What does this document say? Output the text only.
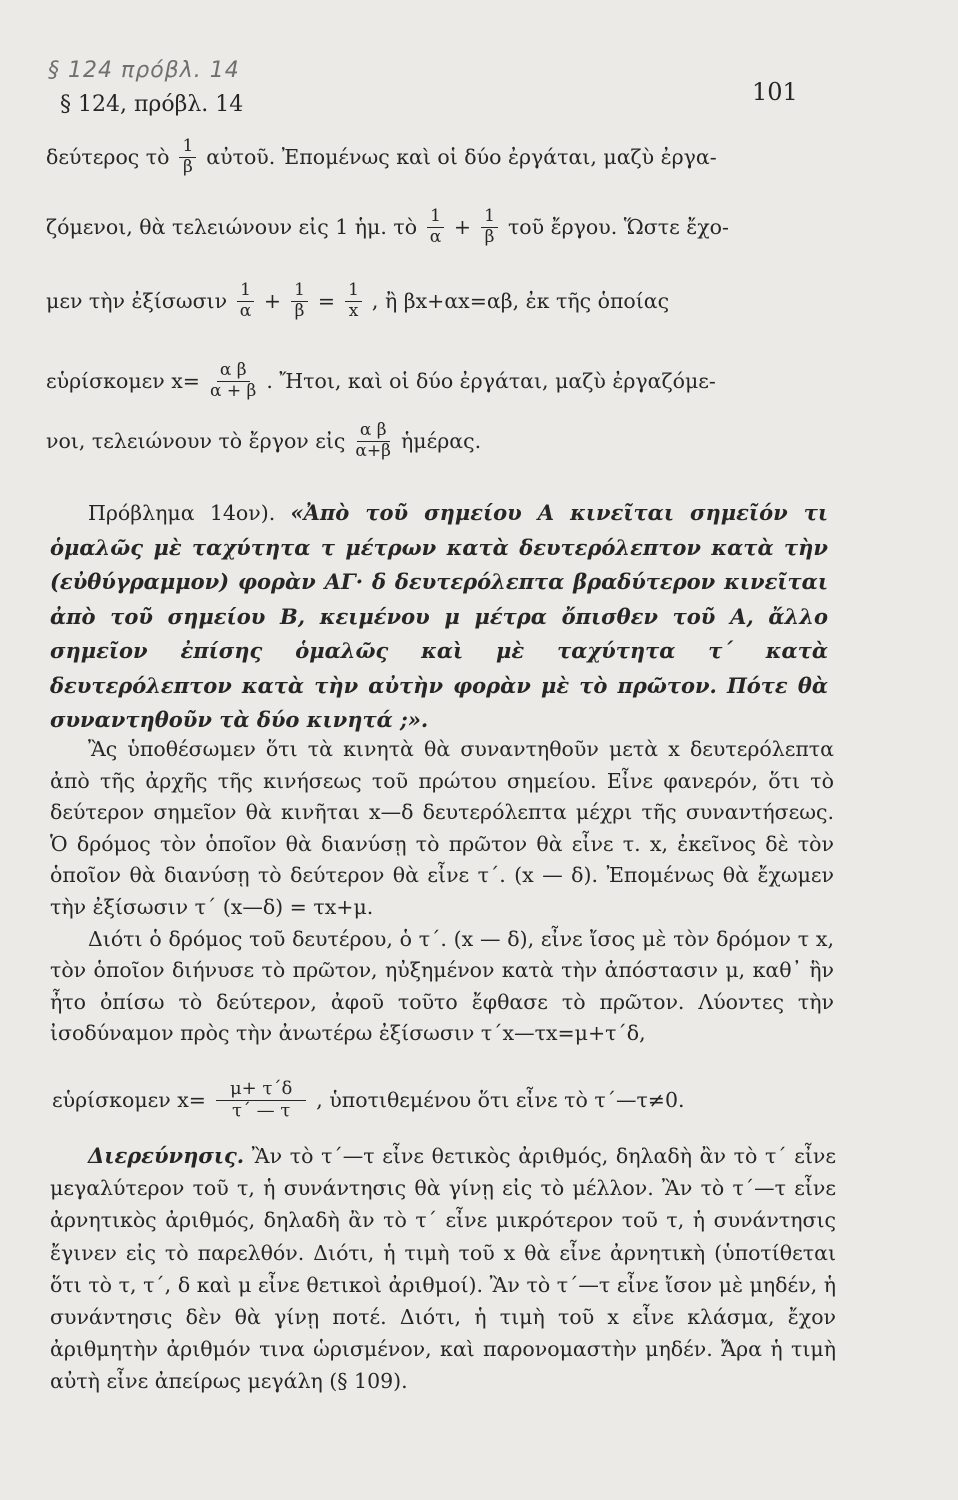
§ 124 πρόβλ. 14
§ 124, πρόβλ. 14	101
δεύτερος τὸ $\frac{1}{\beta}$ αὐτοῦ. Ἐπομένως καὶ οἱ δύο ἐργάται, μαζὺ ἐργα-
ζόμενοι, θὰ τελειώνουν εἰς 1 ἡμ. τὸ $\frac{1}{\alpha} + \frac{1}{\beta}$ τοῦ ἔργου. Ὥστε ἔχο-
μεν τὴν ἐξίσωσιν $\frac{1}{\alpha} + \frac{1}{\beta} = \frac{1}{x}$ , ἢ βx+αx=αβ, ἐκ τῆς ὁποίας
εὑρίσκομεν $x= \frac{\text{α β}}{\alpha + \beta}$ . Ἤτοι, καὶ οἱ δύο ἐργάται, μαζὺ ἐργαζόμε-
νοι, τελειώνουν τὸ ἔργον εἰς $\frac{\text{α β}}{\alpha+\beta}$ ἡμέρας.

Πρόβλημα 14ον). «Ἀπὸ τοῦ σημείου Α κινεῖται σημεῖόν τι ὁμαλῶς μὲ ταχύτητα τ μέτρων κατὰ δευτερόλεπτον κατὰ τὴν (εὐθύγραμμον) φορὰν ΑΓ· δ δευτερόλεπτα βραδύτερον κινεῖται ἀπὸ τοῦ σημείου Β, κειμένου μ μέτρα ὄπισθεν τοῦ Α, ἄλλο σημεῖον ἐπίσης ὁμαλῶς καὶ μὲ ταχύτητα τ΄ κατὰ δευτερόλεπτον κατὰ τὴν αὐτὴν φορὰν μὲ τὸ πρῶτον. Πότε θὰ συναντηθοῦν τὰ δύο κινητά ;».

Ἂς ὑποθέσωμεν ὅτι τὰ κινητὰ θὰ συναντηθοῦν μετὰ x δευτερόλεπτα ἀπὸ τῆς ἀρχῆς τῆς κινήσεως τοῦ πρώτου σημείου. Εἶνε φανερόν, ὅτι τὸ δεύτερον σημεῖον θὰ κινῆται x—δ δευτερόλεπτα μέχρι τῆς συναντήσεως. Ὁ δρόμος τὸν ὁποῖον θὰ διανύσῃ τὸ πρῶτον θὰ εἶνε τ. x, ἐκεῖνος δὲ τὸν ὁποῖον θὰ διανύσῃ τὸ δεύτερον θὰ εἶνε τ΄. (x — δ). Ἐπομένως θὰ ἔχωμεν τὴν ἐξίσωσιν τ΄ (x—δ) = τx+μ.

Διότι ὁ δρόμος τοῦ δευτέρου, ὁ τ΄. (x — δ), εἶνε ἴσος μὲ τὸν δρόμον τ x, τὸν ὁποῖον διήνυσε τὸ πρῶτον, ηὐξημένον κατὰ τὴν ἀπόστασιν μ, καθ᾽ ἣν ἦτο ὀπίσω τὸ δεύτερον, ἀφοῦ τοῦτο ἔφθασε τὸ πρῶτον. Λύοντες τὴν ἰσοδύναμον πρὸς τὴν ἀνωτέρω ἐξίσωσιν τ΄x—τx=μ+τ΄δ,

εὑρίσκομεν $x= \frac{\mu+ \tau΄\delta}{\tau΄ — \tau}$ , ὑποτιθεμένου ὅτι εἶνε τὸ τ΄—τ≠0.

Διερεύνησις. Ἂν τὸ τ΄—τ εἶνε θετικὸς ἀριθμός, δηλαδὴ ἂν τὸ τ΄ εἶνε μεγαλύτερον τοῦ τ, ἡ συνάντησις θὰ γίνῃ εἰς τὸ μέλλον. Ἂν τὸ τ΄—τ εἶνε ἀρνητικὸς ἀριθμός, δηλαδὴ ἂν τὸ τ΄ εἶνε μικρότερον τοῦ τ, ἡ συνάντησις ἔγινεν εἰς τὸ παρελθόν. Διότι, ἡ τιμὴ τοῦ x θὰ εἶνε ἀρνητικὴ (ὑποτίθεται ὅτι τὸ τ, τ΄, δ καὶ μ εἶνε θετικοὶ ἀριθμοί). Ἂν τὸ τ΄—τ εἶνε ἴσον μὲ μηδέν, ἡ συνάντησις δὲν θὰ γίνῃ ποτέ. Διότι, ἡ τιμὴ τοῦ x εἶνε κλάσμα, ἔχον ἀριθμητὴν ἀριθμόν τινα ὡρισμένον, καὶ παρονομαστὴν μηδέν. Ἄρα ἡ τιμὴ αὐτὴ εἶνε ἀπείρως μεγάλη (§ 109).
